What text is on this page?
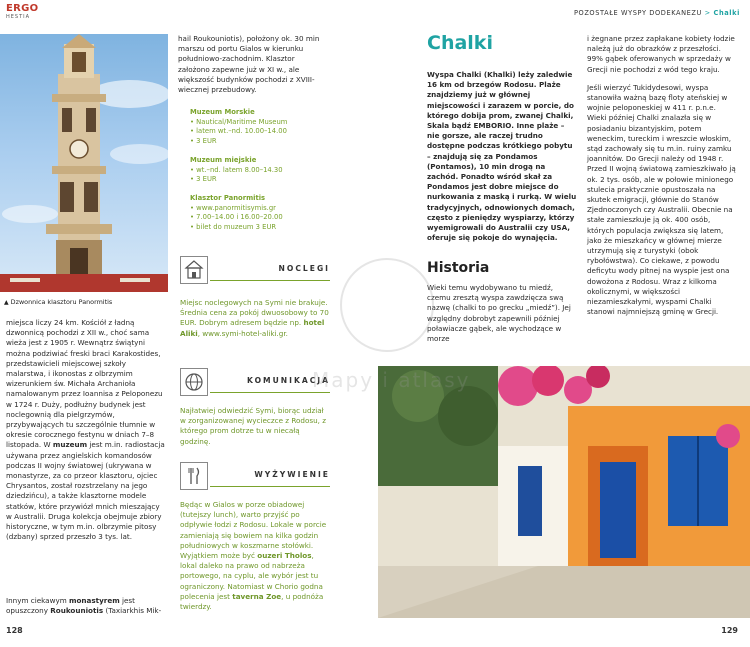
ERGO
HESTIA
▲ Dzwonnica klasztoru Panormitis

miejsca liczy 24 km. Kościół z ładną dzwonnicą pochodzi z XII w., choć sama wieża jest z 1905 r. Wewnątrz świątyni można podziwiać freski braci Karakostides, przedstawicieli miejscowej szkoły malarstwa, i ikonostas z olbrzymim wizerunkiem św. Michała Archanioła namalowanym przez Ioannisa z Peloponezu w 1724 r. Duży, podłużny budynek jest noclegownią dla pielgrzymów, przybywających tu szczególnie tłumnie w okresie corocznego festynu w dniach 7–8 listopada. W muzeum jest m.in. radiostacja używana przez angielskich komandosów podczas II wojny światowej (ukrywana w monastyrze, za co przeor klasztoru, ojciec Chrysantos, został rozstrzelany na jego dziedzińcu), a także klasztorne modele statków, które przywiózł mnich mieszający w Australii. Druga kolekcja obejmuje zbiory historyczne, w tym m.in. olbrzymie pitosy (dzbany) sprzed przeszło 3 tys. lat.

Innym ciekawym monastyrem jest opuszczony Roukouniotis (Taxiarkhis Mik-

hail Roukouniotis), położony ok. 30 min marszu od portu Gialos w kierunku południowo-zachodnim. Klasztor założono zapewne już w XI w., ale większość budynków pochodzi z XVIII-wiecznej przebudowy.

Muzeum Morskie
• Nautical/Maritime Museum
• latem wt.–nd. 10.00–14.00
• 3 EUR
Muzeum miejskie
• wt.–nd. latem 8.00–14.30
• 3 EUR
Klasztor Panormitis
• www.panormitisymis.gr
• 7.00–14.00 i 16.00–20.00
• bilet do muzeum 3 EUR
NOCLEGI

Miejsc noclegowych na Symi nie brakuje. Średnia cena za pokój dwuosobowy to 70 EUR. Dobrym adresem będzie np. hotel Aliki, www.symi-hotel-aliki.gr.

KOMUNIKACJA

Najłatwiej odwiedzić Symi, biorąc udział w zorganizowanej wycieczce z Rodosu, z którego prom dotrze tu w niecałą godzinę.

WYŻYWIENIE

Będąc w Gialos w porze obiadowej (tutejszy lunch), warto przyjść po odpływie łodzi z Rodosu. Lokale w porcie zamieniają się bowiem na kilka godzin południowych w koszmarne stołówki. Wyjątkiem może być ouzeri Tholos, lokal daleko na prawo od nabrzeża portowego, na cyplu, ale wybór jest tu ograniczony. Natomiast w Chorio godna polecenia jest taverna Zoe, u podnóża twierdzy.

128
POZOSTAŁE WYSPY DODEKANEZU > Chalki
Chalki

Wyspa Chalki (Khalki) leży zaledwie 16 km od brzegów Rodosu. Plaże znajdziemy już w głównej miejscowości i zarazem w porcie, do którego dobija prom, zwanej Chalki, Skala bądź EMBORIO. Inne plaże – nie gorsze, ale raczej trudno dostępne podczas krótkiego pobytu – znajdują się za Pondamos (Pontamos), 10 min drogą na zachód. Ponadto wśród skał za Pondamos jest dobre miejsce do nurkowania z maską i rurką. W wielu tradycyjnych, odnowionych domach, często z pieniędzy wyspiarzy, którzy wyemigrowali do Australii czy USA, oferuje się pokoje do wynajęcia.

Historia

Wieki temu wydobywano tu miedź, czemu zresztą wyspa zawdzięcza swą nazwę (chalki to po grecku „miedź”). Jej względny dobrobyt zapewnili później poławiacze gąbek, ale wychodzące w morze

i żegnane przez zapłakane kobiety łodzie należą już do obrazków z przeszłości. 99% gąbek oferowanych w sprzedaży w Grecji nie pochodzi z wód tego kraju.

Jeśli wierzyć Tukidydesowi, wyspa stanowiła ważną bazę floty ateńskiej w wojnie peloponeskiej w 411 r. p.n.e. Wieki później Chalki znalazła się w posiadaniu bizantyjskim, potem weneckim, tureckim i wreszcie włoskim, stąd zachowały się tu m.in. ruiny zamku joannitów. Do Grecji należy od 1948 r. Przed II wojną światową zamieszkiwało ją ok. 2 tys. osób, ale w połowie minionego stulecia praktycznie opustoszała na skutek emigracji, głównie do Stanów Zjednoczonych czy Australii. Obecnie na stałe zamieszkuje ją ok. 400 osób, których populacja zwiększa się latem, jako że mieszkańcy w głównej mierze utrzymują się z turystyki (obok rybołówstwa). Co ciekawe, z powodu deficytu wody pitnej na wyspie jest ona dowożona z Rodosu. Wraz z kilkoma okolicznymi, w większości niezamieszkałymi, wyspami Chalki stanowi najmniejszą gminę w Grecji.

129
Mapy i atlasy
